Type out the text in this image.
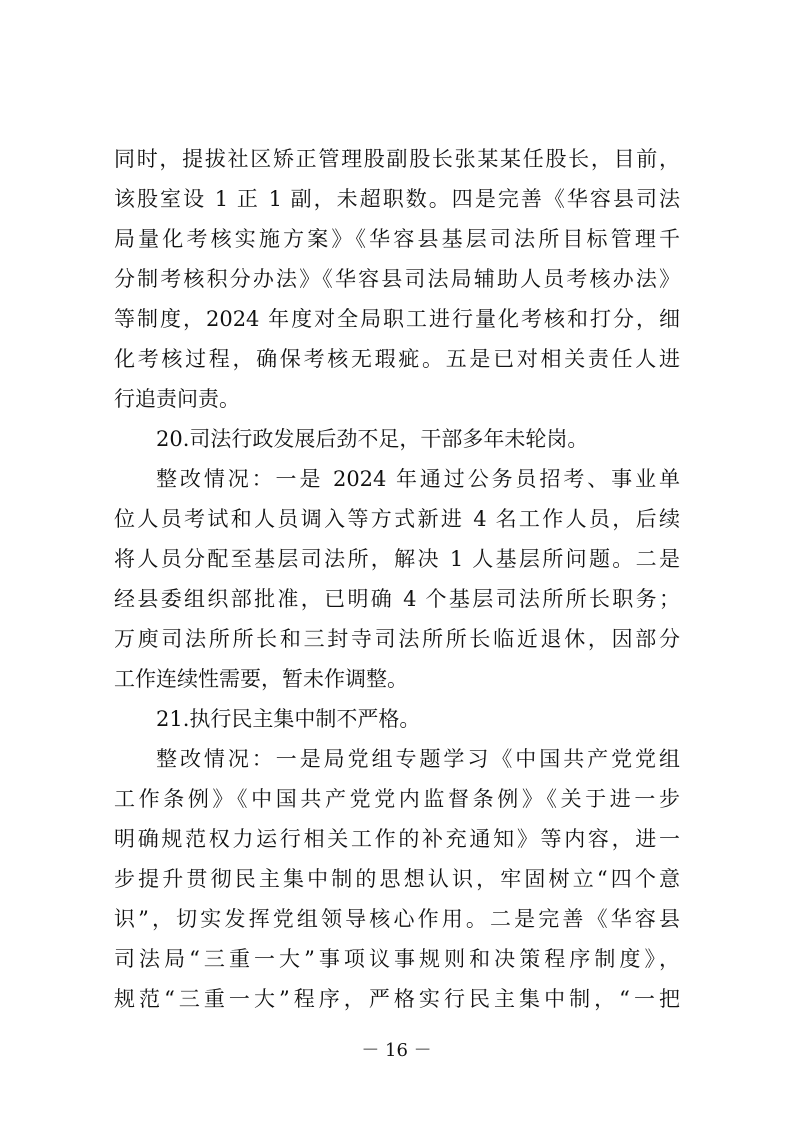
同时，提拔社区矫正管理股副股长张某某任股长，目前，
该股室设 1 正 1 副，未超职数。四是完善《华容县司法
局量化考核实施方案》《华容县基层司法所目标管理千
分制考核积分办法》《华容县司法局辅助人员考核办法》
等制度，2024 年度对全局职工进行量化考核和打分，细
化考核过程，确保考核无瑕疵。五是已对相关责任人进
行追责问责。
20.司法行政发展后劲不足，干部多年未轮岗。
整改情况：一是 2024 年通过公务员招考、事业单
位人员考试和人员调入等方式新进 4 名工作人员，后续
将人员分配至基层司法所，解决 1 人基层所问题。二是
经县委组织部批准，已明确 4 个基层司法所所长职务；
万庾司法所所长和三封寺司法所所长临近退休，因部分
工作连续性需要，暂未作调整。
21.执行民主集中制不严格。
整改情况：一是局党组专题学习《中国共产党党组
工作条例》《中国共产党党内监督条例》《关于进一步
明确规范权力运行相关工作的补充通知》等内容，进一
步提升贯彻民主集中制的思想认识，牢固树立“四个意
识”，切实发挥党组领导核心作用。二是完善《华容县
司法局“三重一大”事项议事规则和决策程序制度》，
规范“三重一大”程序，严格实行民主集中制，“一把
－ 16 －
